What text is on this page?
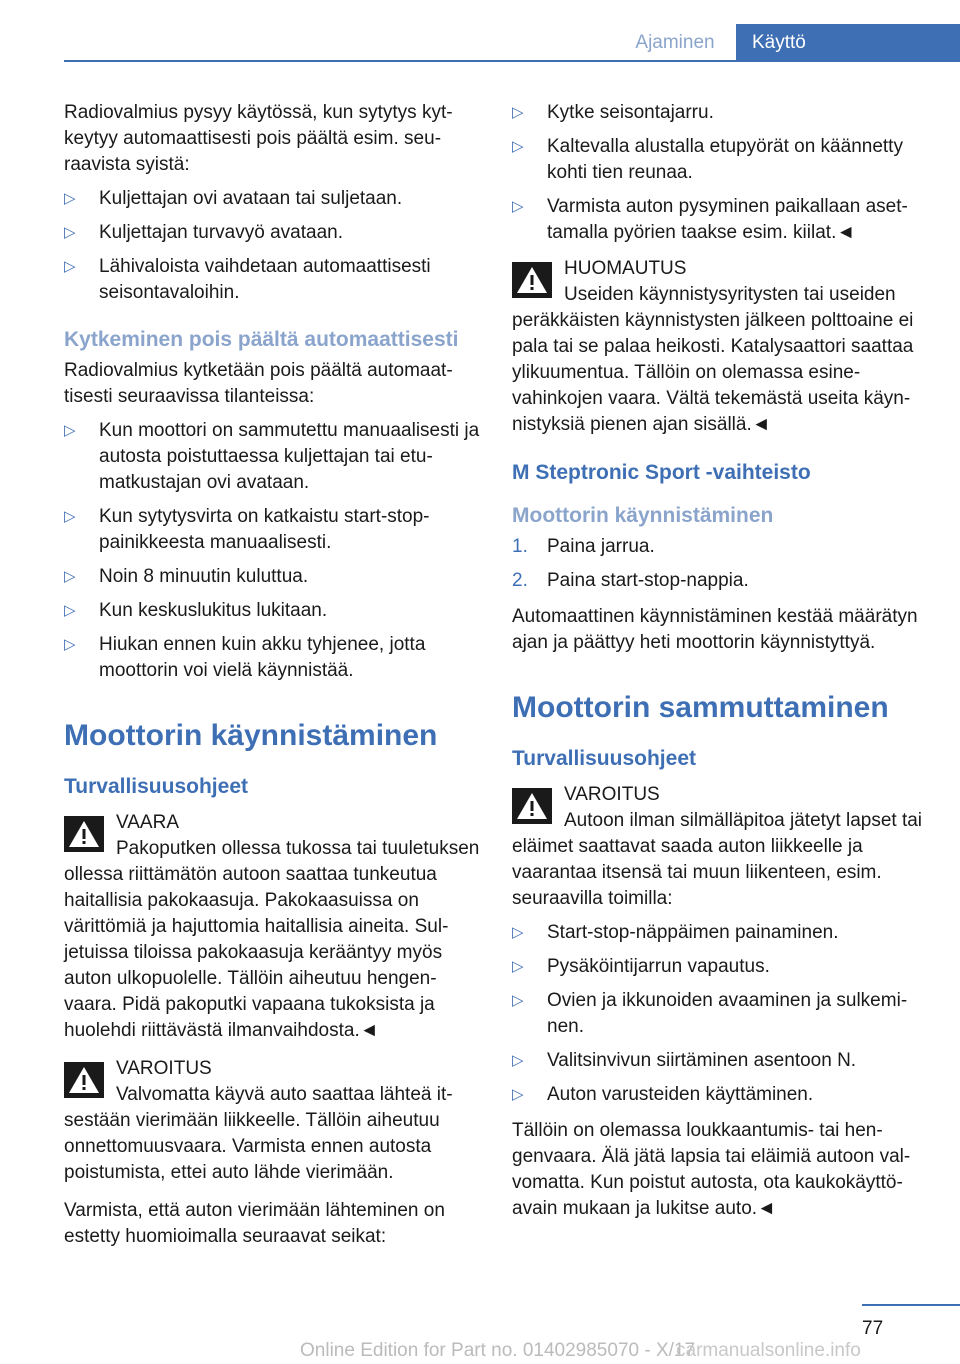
Ajaminen	Käyttö

Radiovalmius pysyy käytössä, kun sytytys kytkeytyy automaattisesti pois päältä esim. seuraavista syistä:

▷ Kuljettajan ovi avataan tai suljetaan.
▷ Kuljettajan turvavyö avataan.
▷ Lähivaloista vaihdetaan automaattisesti seisontavaloihin.
Kytkeminen pois päältä automaattisesti

Radiovalmius kytketään pois päältä automaattisesti seuraavissa tilanteissa:

▷ Kun moottori on sammutettu manuaalisesti ja autosta poistuttaessa kuljettajan tai etumatkustajan ovi avataan.
▷ Kun sytytysvirta on katkaistu start-stop-painikkeesta manuaalisesti.
▷ Noin 8 minuutin kuluttua.
▷ Kun keskuslukitus lukitaan.
▷ Hiukan ennen kuin akku tyhjenee, jotta moottorin voi vielä käynnistää.
Moottorin käynnistäminen
Turvallisuusohjeet
VAARA

Pakoputken ollessa tukossa tai tuuletuksen ollessa riittämätön autoon saattaa tunkeutua haitallisia pakokaasuja. Pakokaasuissa on värittömiä ja hajuttomia haitallisia aineita. Suljetuissa tiloissa pakokaasuja kerääntyy myös auton ulkopuolelle. Tällöin aiheutuu hengenvaara. Pidä pakoputki vapaana tukoksista ja huolehdi riittävästä ilmanvaihdosta.◄

VAROITUS

Valvomatta käyvä auto saattaa lähteä itsestään vierimään liikkeelle. Tällöin aiheutuu onnettomuusvaara. Varmista ennen autosta poistumista, ettei auto lähde vierimään.

Varmista, että auton vierimään lähteminen on estetty huomioimalla seuraavat seikat:

▷ Kytke seisontajarru.
▷ Kaltevalla alustalla etupyörät on käännetty kohti tien reunaa.
▷ Varmista auton pysyminen paikallaan asettamalla pyörien taakse esim. kiilat.◄
HUOMAUTUS

Useiden käynnistysyritysten tai useiden peräkkäisten käynnistysten jälkeen polttoaine ei pala tai se palaa heikosti. Katalysaattori saattaa ylikuumentua. Tällöin on olemassa esinevahinkojen vaara. Vältä tekemästä useita käynnistyksiä pienen ajan sisällä.◄

M Steptronic Sport -vaihteisto
Moottorin käynnistäminen
1. Paina jarrua.
2. Paina start-stop-nappia.

Automaattinen käynnistäminen kestää määrätyn ajan ja päättyy heti moottorin käynnistyttyä.

Moottorin sammuttaminen
Turvallisuusohjeet
VAROITUS

Autoon ilman silmälläpitoa jätetyt lapset tai eläimet saattavat saada auton liikkeelle ja vaarantaa itsensä tai muun liikenteen, esim. seuraavilla toimilla:

▷ Start-stop-näppäimen painaminen.
▷ Pysäköintijarrun vapautus.
▷ Ovien ja ikkunoiden avaaminen ja sulkeminen.
▷ Valitsinvivun siirtäminen asentoon N.
▷ Auton varusteiden käyttäminen.

Tällöin on olemassa loukkaantumis- tai hengenvaara. Älä jätä lapsia tai eläimiä autoon valvomatta. Kun poistut autosta, ota kaukokäyttöavain mukaan ja lukitse auto.◄

77
Online Edition for Part no. 01402985070 - X/17
carmanualsonline.info
